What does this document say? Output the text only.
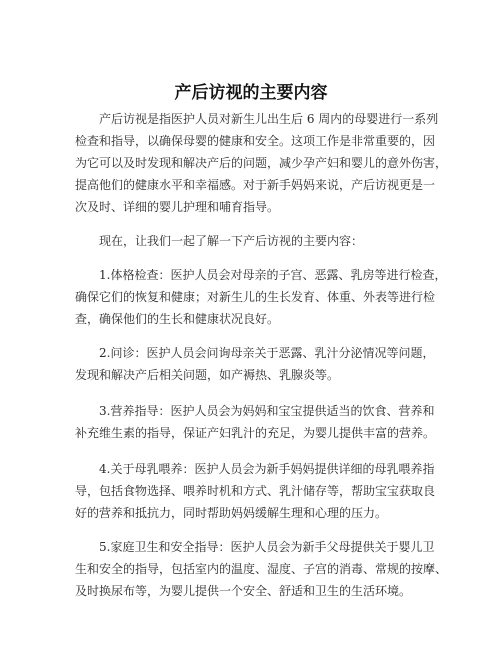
产后访视的主要内容
产后访视是指医护人员对新生儿出生后 6 周内的母婴进行一系列
检查和指导，以确保母婴的健康和安全。这项工作是非常重要的，因
为它可以及时发现和解决产后的问题，减少孕产妇和婴儿的意外伤害，
提高他们的健康水平和幸福感。对于新手妈妈来说，产后访视更是一
次及时、详细的婴儿护理和哺育指导。
现在，让我们一起了解一下产后访视的主要内容：
1.体格检查：医护人员会对母亲的子宫、恶露、乳房等进行检查，
确保它们的恢复和健康；对新生儿的生长发育、体重、外表等进行检
查，确保他们的生长和健康状况良好。
2.问诊：医护人员会问询母亲关于恶露、乳汁分泌情况等问题，
发现和解决产后相关问题，如产褥热、乳腺炎等。
3.营养指导：医护人员会为妈妈和宝宝提供适当的饮食、营养和
补充维生素的指导，保证产妇乳汁的充足，为婴儿提供丰富的营养。
4.关于母乳喂养：医护人员会为新手妈妈提供详细的母乳喂养指
导，包括食物选择、喂养时机和方式、乳汁储存等，帮助宝宝获取良
好的营养和抵抗力，同时帮助妈妈缓解生理和心理的压力。
5.家庭卫生和安全指导：医护人员会为新手父母提供关于婴儿卫
生和安全的指导，包括室内的温度、湿度、子宫的消毒、常规的按摩、
及时换尿布等，为婴儿提供一个安全、舒适和卫生的生活环境。
